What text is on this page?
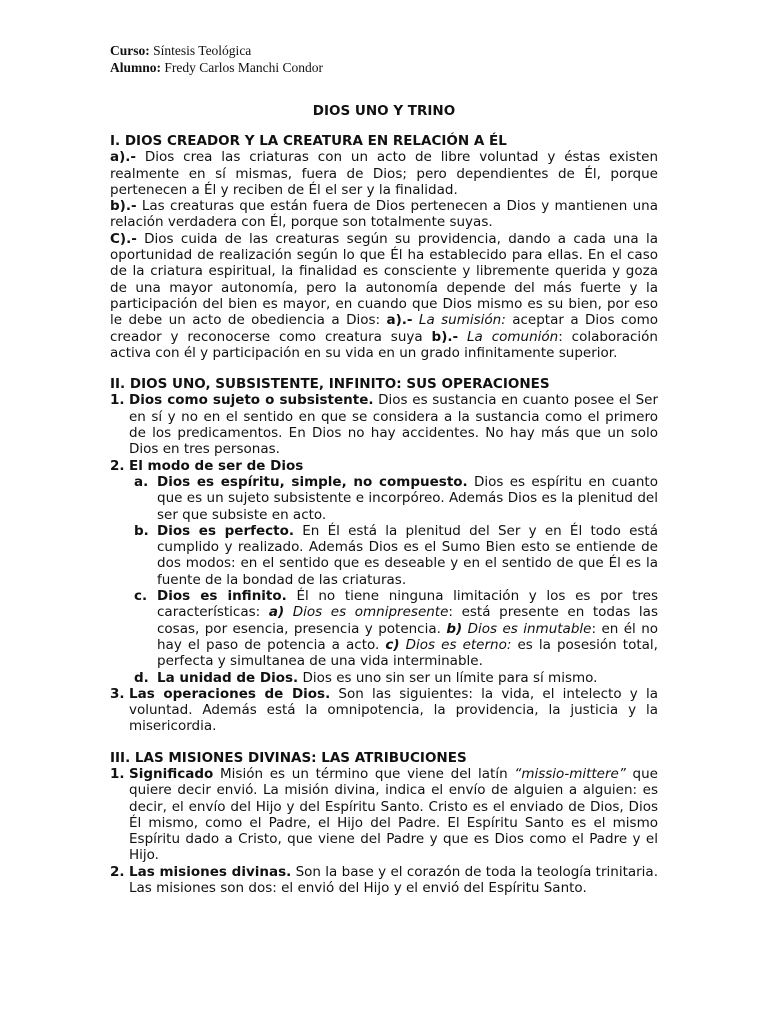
Curso: Síntesis Teológica
Alumno: Fredy Carlos Manchi Condor
DIOS UNO Y TRINO

I. DIOS CREADOR Y LA CREATURA EN RELACIÓN A ÉL

a).- Dios crea las criaturas con un acto de libre voluntad y éstas existen realmente en sí mismas, fuera de Dios; pero dependientes de Él, porque pertenecen a Él y reciben de Él el ser y la finalidad.

b).- Las creaturas que están fuera de Dios pertenecen a Dios y mantienen una relación verdadera con Él, porque son totalmente suyas.

C).- Dios cuida de las creaturas según su providencia, dando a cada una la oportunidad de realización según lo que Él ha establecido para ellas. En el caso de la criatura espiritual, la finalidad es consciente y libremente querida y goza de una mayor autonomía, pero la autonomía depende del más fuerte y la participación del bien es mayor, en cuando que Dios mismo es su bien, por eso le debe un acto de obediencia a Dios: a).- La sumisión: aceptar a Dios como creador y reconocerse como creatura suya b).- La comunión: colaboración activa con él y participación en su vida en un grado infinitamente superior.

II. DIOS UNO, SUBSISTENTE, INFINITO: SUS OPERACIONES

1. Dios como sujeto o subsistente. Dios es sustancia en cuanto posee el Ser en sí y no en el sentido en que se considera a la sustancia como el primero de los predicamentos. En Dios no hay accidentes. No hay más que un solo Dios en tres personas.
2. El modo de ser de Dios
a. Dios es espíritu, simple, no compuesto. Dios es espíritu en cuanto que es un sujeto subsistente e incorpóreo. Además Dios es la plenitud del ser que subsiste en acto.
b. Dios es perfecto. En Él está la plenitud del Ser y en Él todo está cumplido y realizado. Además Dios es el Sumo Bien esto se entiende de dos modos: en el sentido que es deseable y en el sentido de que Él es la fuente de la bondad de las criaturas.
c. Dios es infinito. Él no tiene ninguna limitación y los es por tres características: a) Dios es omnipresente: está presente en todas las cosas, por esencia, presencia y potencia. b) Dios es inmutable: en él no hay el paso de potencia a acto. c) Dios es eterno: es la posesión total, perfecta y simultanea de una vida interminable.
d. La unidad de Dios. Dios es uno sin ser un límite para sí mismo.
3. Las operaciones de Dios. Son las siguientes: la vida, el intelecto y la voluntad. Además está la omnipotencia, la providencia, la justicia y la misericordia.

III. LAS MISIONES DIVINAS: LAS ATRIBUCIONES

1. Significado Misión es un término que viene del latín “missio-mittere” que quiere decir envió. La misión divina, indica el envío de alguien a alguien: es decir, el envío del Hijo y del Espíritu Santo. Cristo es el enviado de Dios, Dios Él mismo, como el Padre, el Hijo del Padre. El Espíritu Santo es el mismo Espíritu dado a Cristo, que viene del Padre y que es Dios como el Padre y el Hijo.
2. Las misiones divinas. Son la base y el corazón de toda la teología trinitaria. Las misiones son dos: el envió del Hijo y el envió del Espíritu Santo.
